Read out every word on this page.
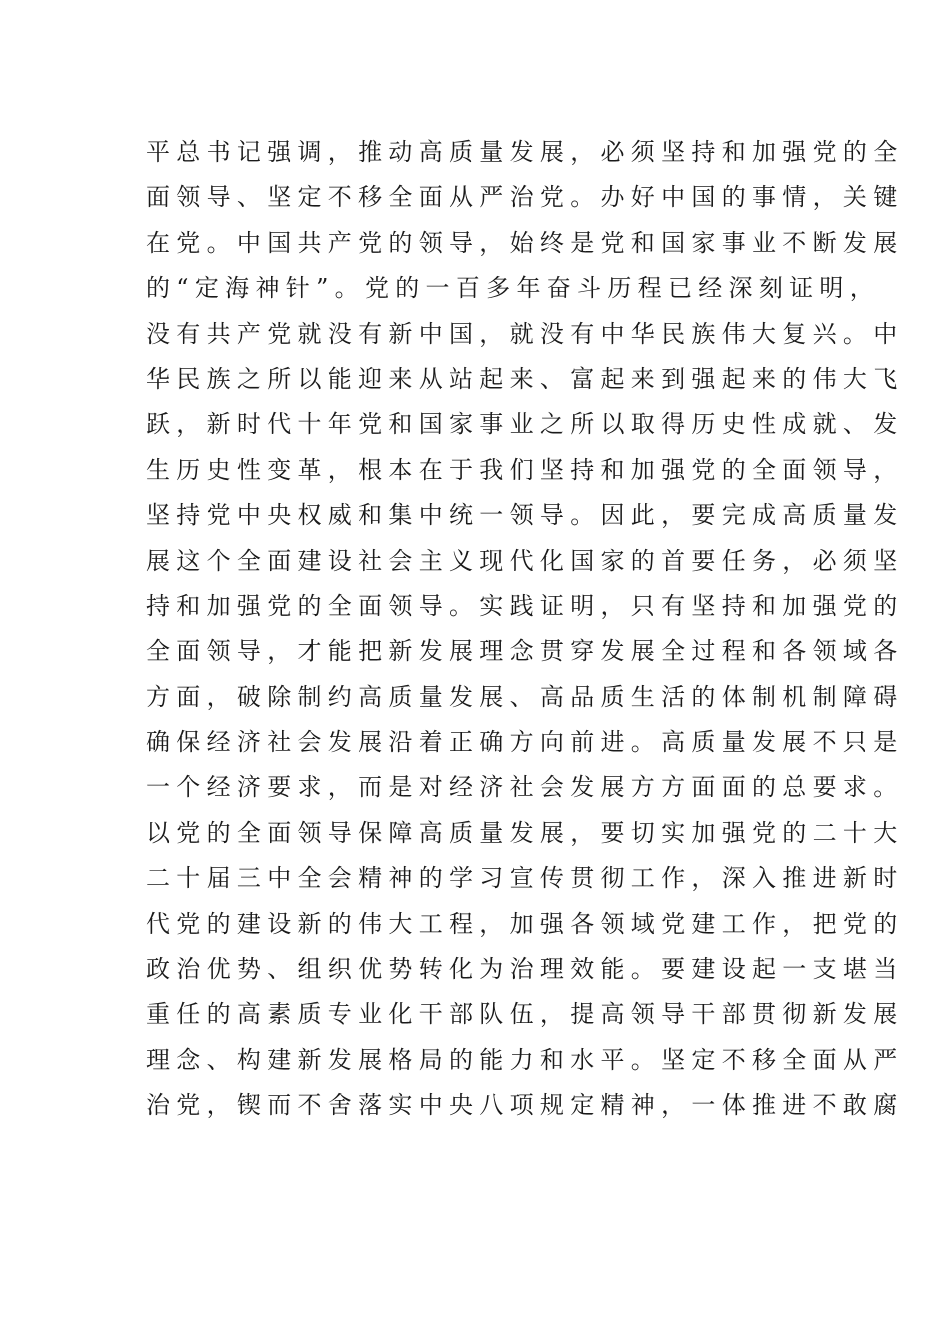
平总书记强调，推动高质量发展，必须坚持和加强党的全
面领导、坚定不移全面从严治党。办好中国的事情，关键
在党。中国共产党的领导，始终是党和国家事业不断发展
的“定海神针”。党的一百多年奋斗历程已经深刻证明，
没有共产党就没有新中国，就没有中华民族伟大复兴。中
华民族之所以能迎来从站起来、富起来到强起来的伟大飞
跃，新时代十年党和国家事业之所以取得历史性成就、发
生历史性变革，根本在于我们坚持和加强党的全面领导，
坚持党中央权威和集中统一领导。因此，要完成高质量发
展这个全面建设社会主义现代化国家的首要任务，必须坚
持和加强党的全面领导。实践证明，只有坚持和加强党的
全面领导，才能把新发展理念贯穿发展全过程和各领域各
方面，破除制约高质量发展、高品质生活的体制机制障碍
确保经济社会发展沿着正确方向前进。高质量发展不只是
一个经济要求，而是对经济社会发展方方面面的总要求。
以党的全面领导保障高质量发展，要切实加强党的二十大
二十届三中全会精神的学习宣传贯彻工作，深入推进新时
代党的建设新的伟大工程，加强各领域党建工作，把党的
政治优势、组织优势转化为治理效能。要建设起一支堪当
重任的高素质专业化干部队伍，提高领导干部贯彻新发展
理念、构建新发展格局的能力和水平。坚定不移全面从严
治党，锲而不舍落实中央八项规定精神，一体推进不敢腐
